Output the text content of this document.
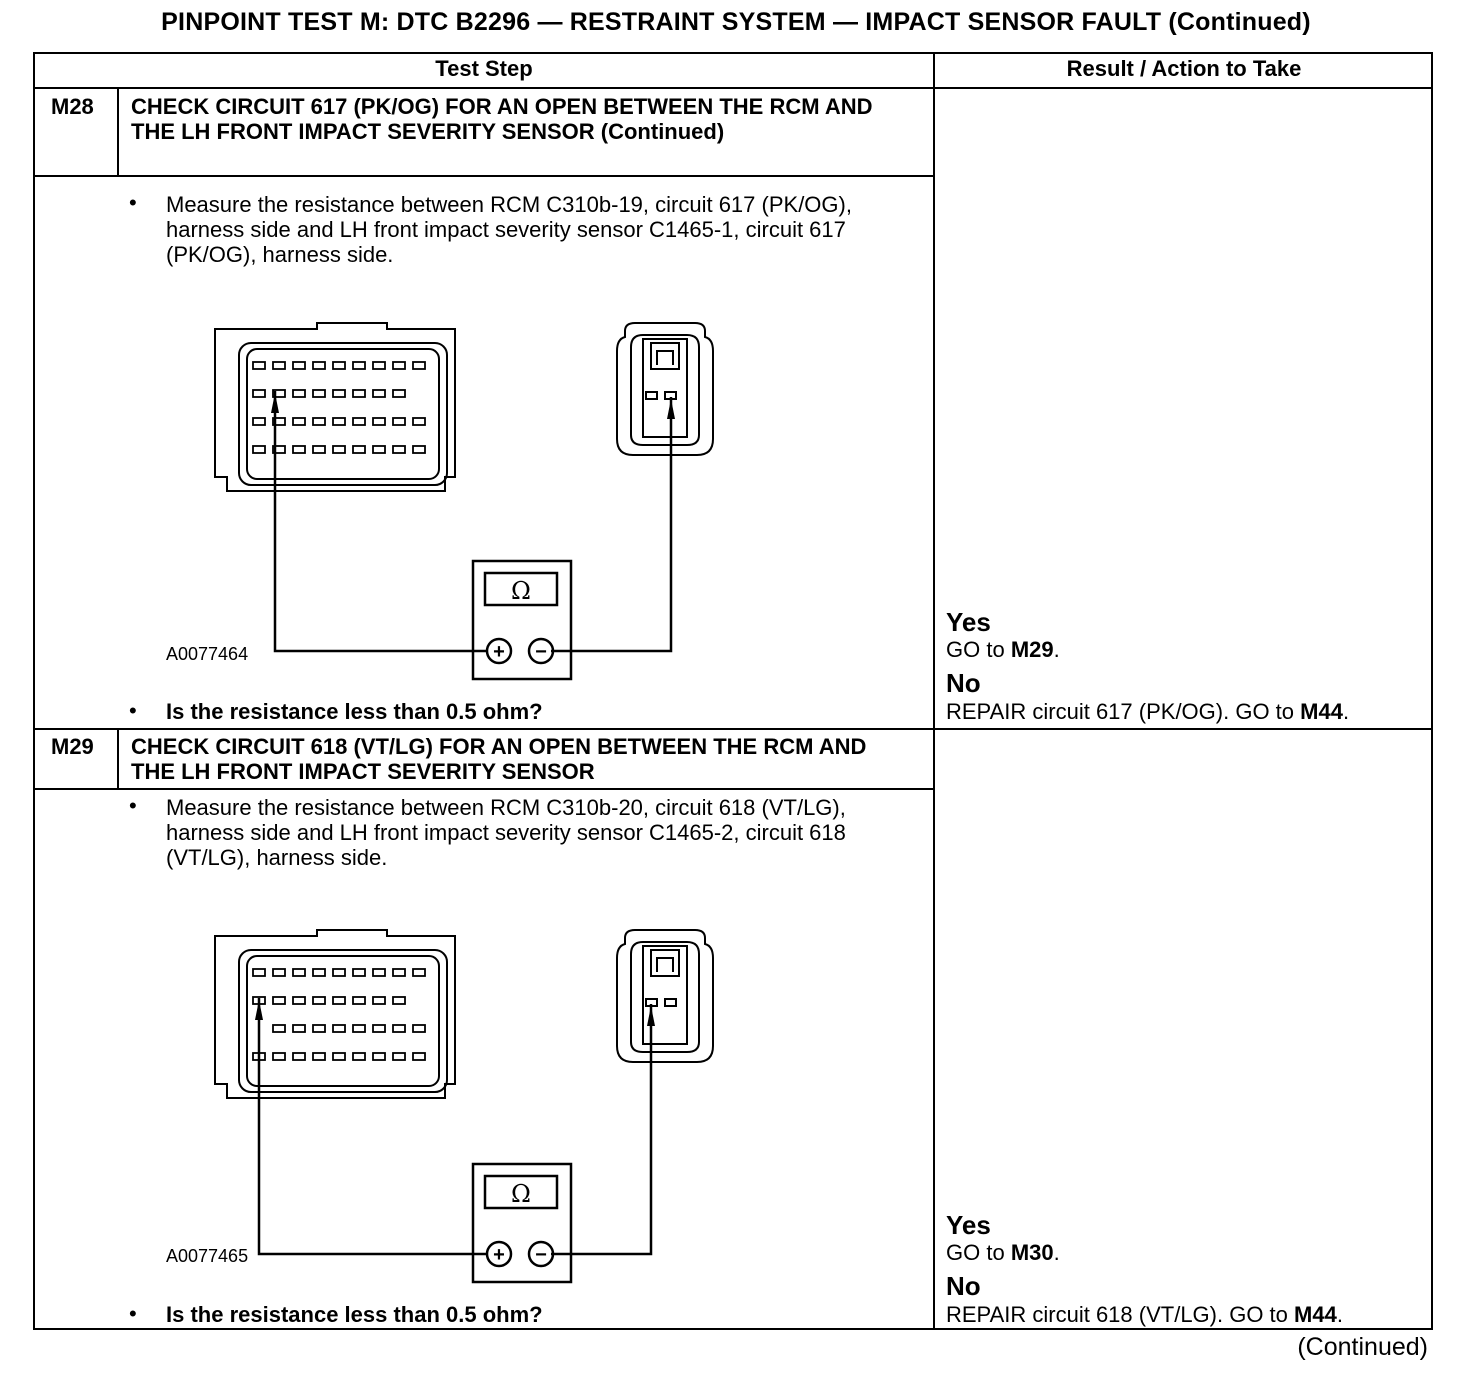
PINPOINT TEST M: DTC B2296 — RESTRAINT SYSTEM — IMPACT SENSOR FAULT (Continued)
Test Step	Result / Action to Take
M28 CHECK CIRCUIT 617 (PK/OG) FOR AN OPEN BETWEEN THE RCM AND THE LH FRONT IMPACT SEVERITY SENSOR (Continued)
• Measure the resistance between RCM C310b-19, circuit 617 (PK/OG), harness side and LH front impact severity sensor C1465-1, circuit 617 (PK/OG), harness side.
Ω
+ −
A0077464
• Is the resistance less than 0.5 ohm?
Yes
GO to M29.
No
REPAIR circuit 617 (PK/OG). GO to M44.
M29 CHECK CIRCUIT 618 (VT/LG) FOR AN OPEN BETWEEN THE RCM AND THE LH FRONT IMPACT SEVERITY SENSOR
• Measure the resistance between RCM C310b-20, circuit 618 (VT/LG), harness side and LH front impact severity sensor C1465-2, circuit 618 (VT/LG), harness side.
Ω
+ −
A0077465
• Is the resistance less than 0.5 ohm?
Yes
GO to M30.
No
REPAIR circuit 618 (VT/LG). GO to M44.
(Continued)
